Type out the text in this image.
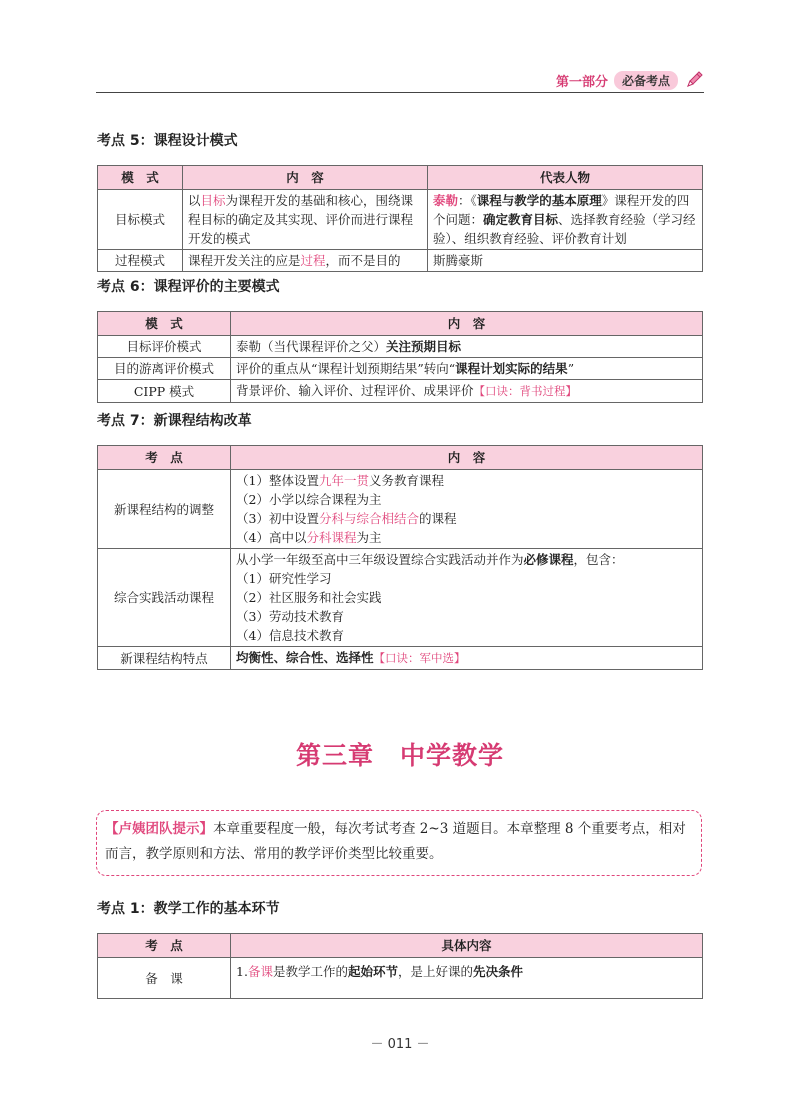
第一部分	必备考点
考点 5：课程设计模式
模　式	内　容	代表人物
目标模式	以目标为课程开发的基础和核心，围绕课程目标的确定及其实现、评价而进行课程开发的模式	泰勒：《课程与教学的基本原理》课程开发的四个问题：确定教育目标、选择教育经验（学习经验）、组织教育经验、评价教育计划
过程模式	课程开发关注的应是过程，而不是目的	斯腾豪斯
考点 6：课程评价的主要模式
模　式	内　容
目标评价模式	泰勒（当代课程评价之父）关注预期目标
目的游离评价模式	评价的重点从“课程计划预期结果”转向“课程计划实际的结果”
CIPP 模式	背景评价、输入评价、过程评价、成果评价【口诀：背书过程】
考点 7：新课程结构改革
考　点	内　容
新课程结构的调整	（1）整体设置九年一贯义务教育课程
（2）小学以综合课程为主
（3）初中设置分科与综合相结合的课程
（4）高中以分科课程为主

综合实践活动课程	从小学一年级至高中三年级设置综合实践活动并作为必修课程，包含：
（1）研究性学习
（2）社区服务和社会实践
（3）劳动技术教育
（4）信息技术教育

新课程结构特点	均衡性、综合性、选择性【口诀：军中选】
第三章　中学教学
【卢姨团队提示】本章重要程度一般，每次考试考查 2~3 道题目。本章整理 8 个重要考点，相对而言，教学原则和方法、常用的教学评价类型比较重要。
考点 1：教学工作的基本环节
考　点	具体内容
备　课	1.备课是教学工作的起始环节，是上好课的先决条件
－ 011 －
